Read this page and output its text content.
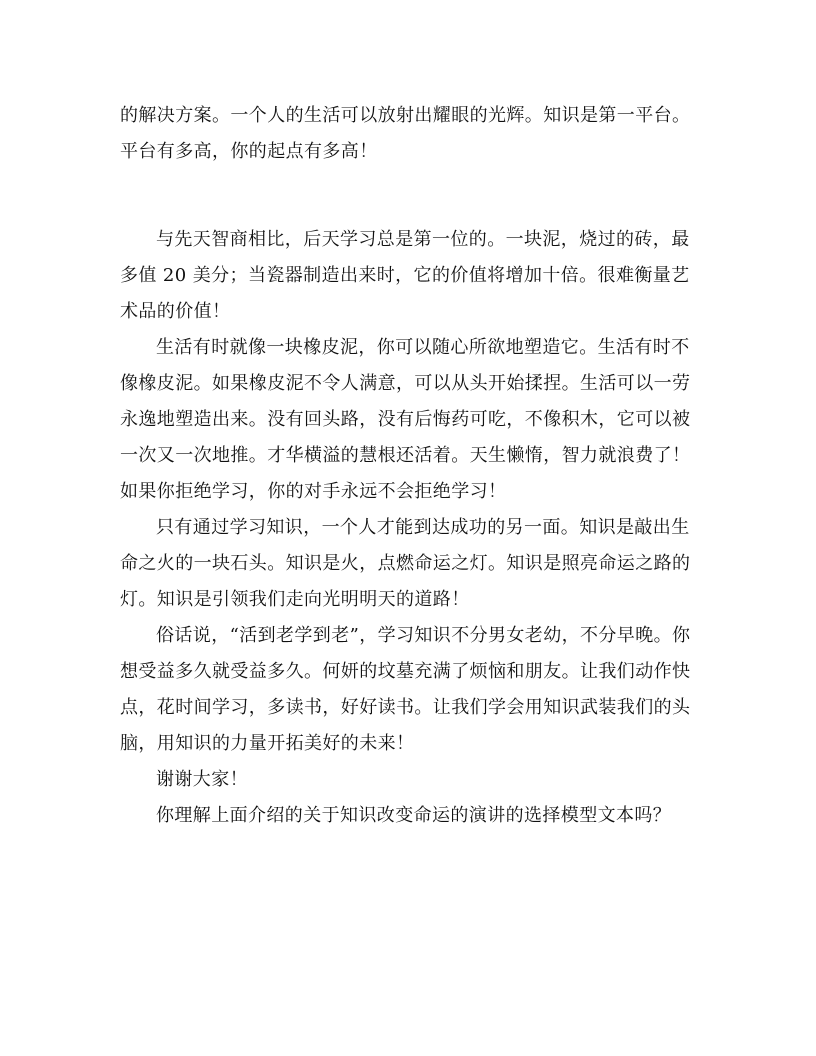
的解决方案。一个人的生活可以放射出耀眼的光辉。知识是第一平台。
平台有多高，你的起点有多高！
与先天智商相比，后天学习总是第一位的。一块泥，烧过的砖，最
多值 20 美分；当瓷器制造出来时，它的价值将增加十倍。很难衡量艺
术品的价值！
生活有时就像一块橡皮泥，你可以随心所欲地塑造它。生活有时不
像橡皮泥。如果橡皮泥不令人满意，可以从头开始揉捏。生活可以一劳
永逸地塑造出来。没有回头路，没有后悔药可吃，不像积木，它可以被
一次又一次地推。才华横溢的慧根还活着。天生懒惰，智力就浪费了！
如果你拒绝学习，你的对手永远不会拒绝学习！
只有通过学习知识，一个人才能到达成功的另一面。知识是敲出生
命之火的一块石头。知识是火，点燃命运之灯。知识是照亮命运之路的
灯。知识是引领我们走向光明明天的道路！
俗话说，“活到老学到老”，学习知识不分男女老幼，不分早晚。你
想受益多久就受益多久。何妍的坟墓充满了烦恼和朋友。让我们动作快
点，花时间学习，多读书，好好读书。让我们学会用知识武装我们的头
脑，用知识的力量开拓美好的未来！
谢谢大家！
你理解上面介绍的关于知识改变命运的演讲的选择模型文本吗？
